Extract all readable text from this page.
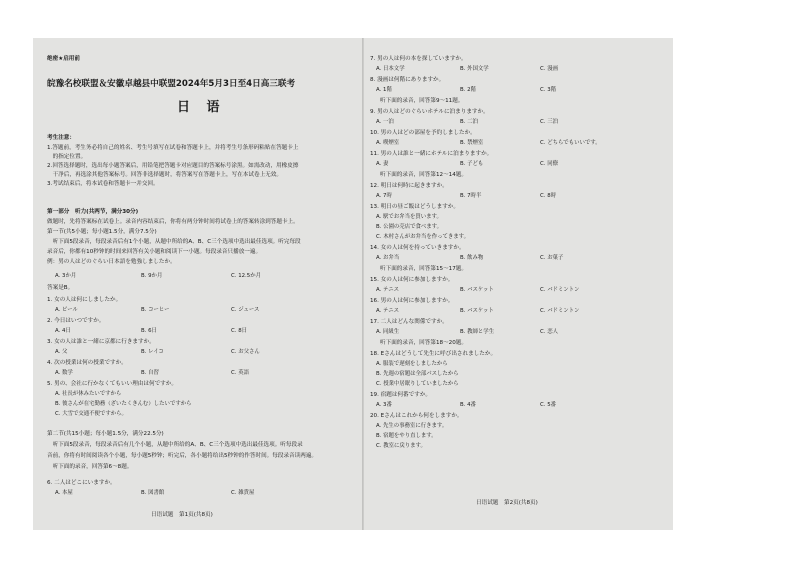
绝密★启用前
皖豫名校联盟＆安徽卓越县中联盟2024年5月3日至4日高三联考
日 语
考生注意：
1.答题前，考生务必将自己的姓名、考生号填写在试卷和答题卡上，并将考生号条形码粘贴在答题卡上
　的指定位置。
2.回答选择题时，选出每小题答案后，用铅笔把答题卡对应题目的答案标号涂黑。如需改动，用橡皮擦
　干净后，再选涂其他答案标号。回答非选择题时，将答案写在答题卡上，写在本试卷上无效。
3.考试结束后，将本试卷和答题卡一并交回。
第一部分　听力(共两节，满分30分)
做题时，先将答案标在试卷上。录音内容结束后，你将有两分钟时间将试卷上的答案转涂到答题卡上。
第一节(共5小题；每小题1.5分，满分7.5分)
　听下面5段录音，每段录音后有1个小题，从题中所给的A、B、C三个选项中选出最佳选项。听完每段
录音后，你都有10秒钟的时间来回答有关小题和阅读下一小题。每段录音只播放一遍。
例：男の人はどのぐらい日本語を勉強しましたか。
A. 3か月	B. 9か月	C. 12.5か月
答案是B。
1. 女の人は何にしましたか。
A. ビール	B. コーヒー	C. ジュース
2. 今日はいつですか。
A. 4日	B. 6日	C. 8日
3. 女の人は誰と一緒に京都に行きますか。
A. 父	B. レイコ	C. お父さん
4. 次の授業は何の授業ですか。
A. 数学	B. 自習	C. 英語
5. 男の、会社に行かなくてもいい理由は何ですか。
A. 社長が休みたいですから
B. 彼さんが在宅勤務（ざいたくきんむ）したいですから
C. 大雪で交通不便ですから。
第二节(共15小题；每小题1.5分，满分22.5分)
　听下面5段录音，每段录音后有几个小题，从题中所给的A、B、C三个选项中选出最佳选项。听每段录
音前，你将有时间阅读各个小题，每小题5秒钟；听完后，各小题将给出5秒钟的作答时间。每段录音读两遍。
　听下面的录音，回答第6～8题。
6. 二人はどこにいますか。
A. 本屋	B. 図書館	C. 雑貨屋
日语试题　第1页(共8页)
7. 男の人は何の本を探していますか。
A. 日本文学	B. 外国文学	C. 漫画
8. 漫画は何階にありますか。
A. 1階	B. 2階	C. 3階
听下面的录音，回答第9～11题。
9. 男の人はどのぐらいホテルに泊まりますか。
A. 一泊	B. 二泊	C. 三泊
10. 男の人はどの部屋を予約しましたか。
A. 喫煙室	B. 禁煙室	C. どちらでもいいです。
11. 男の人は誰と一緒にホテルに泊まりますか。
A. 妻	B. 子ども	C. 同僚
听下面的录音，回答第12～14题。
12. 明日は何時に起きますか。
A. 7時	B. 7時半	C. 8時
13. 明日の昼ご飯はどうしますか。
A. 駅でお弁当を買います。
B. 公園の売店で食べます。
C. 木村さんがお弁当を作ってきます。
14. 女の人は何を持っていきますか。
A. お弁当	B. 飲み物	C. お菓子
听下面的录音，回答第15～17题。
15. 女の人は何に参加しますか。
A. テニス	B. バスケット	C. バドミントン
16. 男の人は何に参加しますか。
A. テニス	B. バスケット	C. バドミントン
17. 二人はどんな関係ですか。
A. 同級生	B. 教師と学生	C. 恋人
听下面的录音，回答第18～20题。
18. Eさんはどうして先生に呼び出されましたか。
A. 服装で遅刻をしましたから
B. 先週の宿題は全部パスしたから
C. 授業中居眠りしていましたから
19. 宿題は何番ですか。
A. 3番	B. 4番	C. 5番
20. Eさんはこれから何をしますか。
A. 先生の事務室に行きます。
B. 宿題をやり直します。
C. 教室に戻ります。
日语试题　第2页(共8页)
